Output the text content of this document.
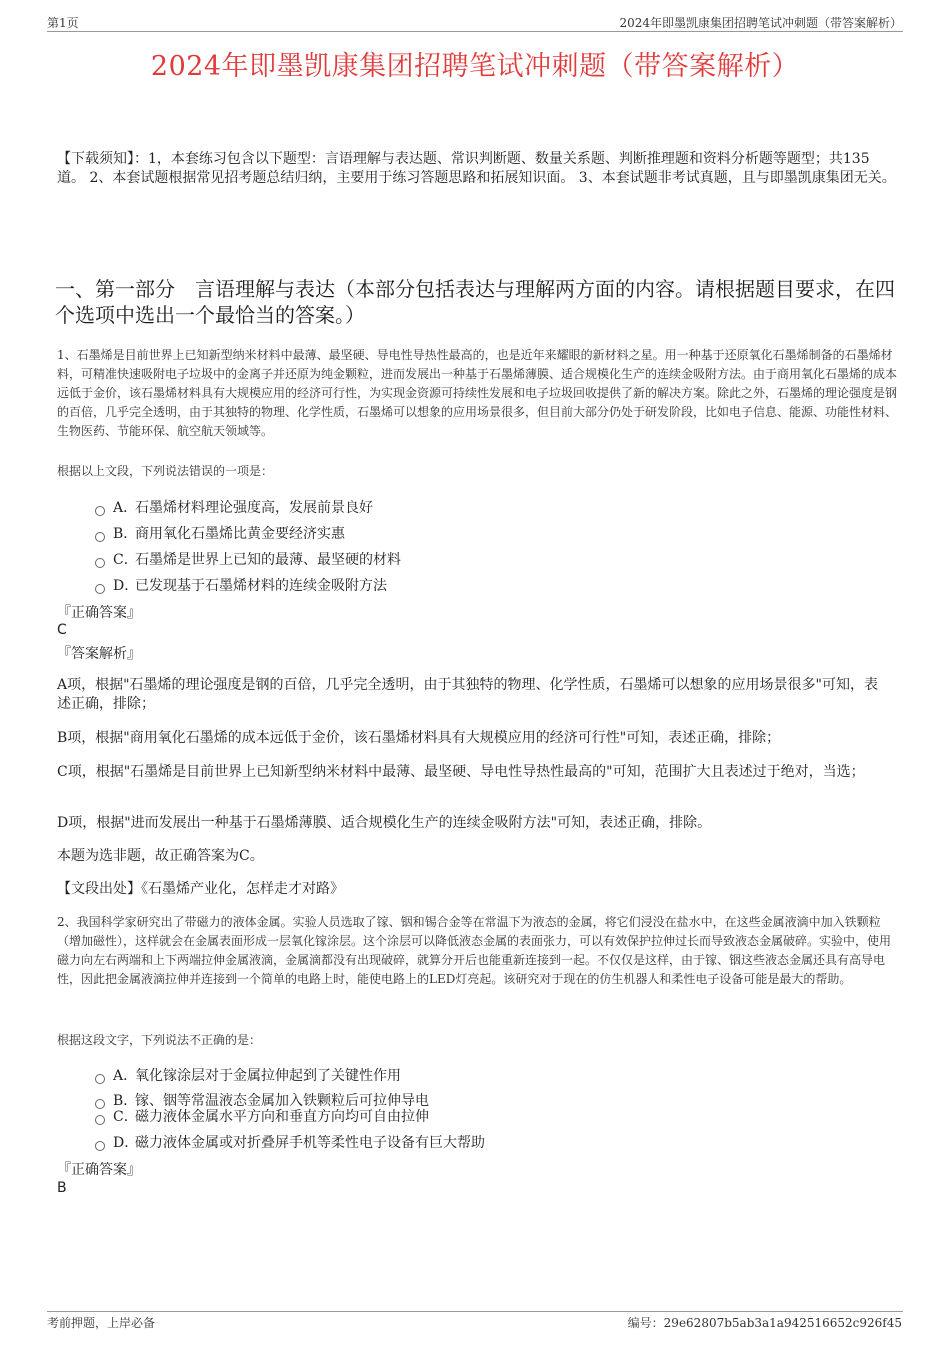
第1页	2024年即墨凯康集团招聘笔试冲刺题（带答案解析）
2024年即墨凯康集团招聘笔试冲刺题（带答案解析）
【下载须知】：1，本套练习包含以下题型：言语理解与表达题、常识判断题、数量关系题、判断推理题和资料分析题等题型；共135道。 2、本套试题根据常见招考题总结归纳，主要用于练习答题思路和拓展知识面。 3、本套试题非考试真题，且与即墨凯康集团无关。
一、第一部分　言语理解与表达（本部分包括表达与理解两方面的内容。请根据题目要求，在四个选项中选出一个最恰当的答案。）
1、石墨烯是目前世界上已知新型纳米材料中最薄、最坚硬、导电性导热性最高的，也是近年来耀眼的新材料之星。用一种基于还原氧化石墨烯制备的石墨烯材料，可精准快速吸附电子垃圾中的金离子并还原为纯金颗粒，进而发展出一种基于石墨烯薄膜、适合规模化生产的连续金吸附方法。由于商用氧化石墨烯的成本远低于金价，该石墨烯材料具有大规模应用的经济可行性，为实现金资源可持续性发展和电子垃圾回收提供了新的解决方案。除此之外，石墨烯的理论强度是钢的百倍，几乎完全透明，由于其独特的物理、化学性质，石墨烯可以想象的应用场景很多，但目前大部分仍处于研发阶段，比如电子信息、能源、功能性材料、生物医药、节能环保、航空航天领域等。
根据以上文段，下列说法错误的一项是：
A．石墨烯材料理论强度高，发展前景良好
B．商用氧化石墨烯比黄金要经济实惠
C．石墨烯是世界上已知的最薄、最坚硬的材料
D．已发现基于石墨烯材料的连续金吸附方法
『正确答案』
C
『答案解析』
A项，根据"石墨烯的理论强度是钢的百倍，几乎完全透明，由于其独特的物理、化学性质，石墨烯可以想象的应用场景很多"可知，表述正确，排除；
B项，根据"商用氧化石墨烯的成本远低于金价，该石墨烯材料具有大规模应用的经济可行性"可知，表述正确，排除；
C项，根据"石墨烯是目前世界上已知新型纳米材料中最薄、最坚硬、导电性导热性最高的"可知，范围扩大且表述过于绝对，当选；
D项，根据"进而发展出一种基于石墨烯薄膜、适合规模化生产的连续金吸附方法"可知，表述正确，排除。
本题为选非题，故正确答案为C。
【文段出处】《石墨烯产业化，怎样走才对路》
2、我国科学家研究出了带磁力的液体金属。实验人员选取了镓、铟和锡合金等在常温下为液态的金属，将它们浸没在盐水中，在这些金属液滴中加入铁颗粒（增加磁性），这样就会在金属表面形成一层氧化镓涂层。这个涂层可以降低液态金属的表面张力，可以有效保护拉伸过长而导致液态金属破碎。实验中，使用磁力向左右两端和上下两端拉伸金属液滴，金属滴都没有出现破碎，就算分开后也能重新连接到一起。不仅仅是这样，由于镓、铟这些液态金属还具有高导电性，因此把金属液滴拉伸并连接到一个简单的电路上时，能使电路上的LED灯亮起。该研究对于现在的仿生机器人和柔性电子设备可能是最大的帮助。
根据这段文字，下列说法不正确的是：
A．氧化镓涂层对于金属拉伸起到了关键性作用
B．镓、铟等常温液态金属加入铁颗粒后可拉伸导电
C．磁力液体金属水平方向和垂直方向均可自由拉伸
D．磁力液体金属或对折叠屏手机等柔性电子设备有巨大帮助
『正确答案』
B
考前押题，上岸必备	编号：29e62807b5ab3a1a942516652c926f45
